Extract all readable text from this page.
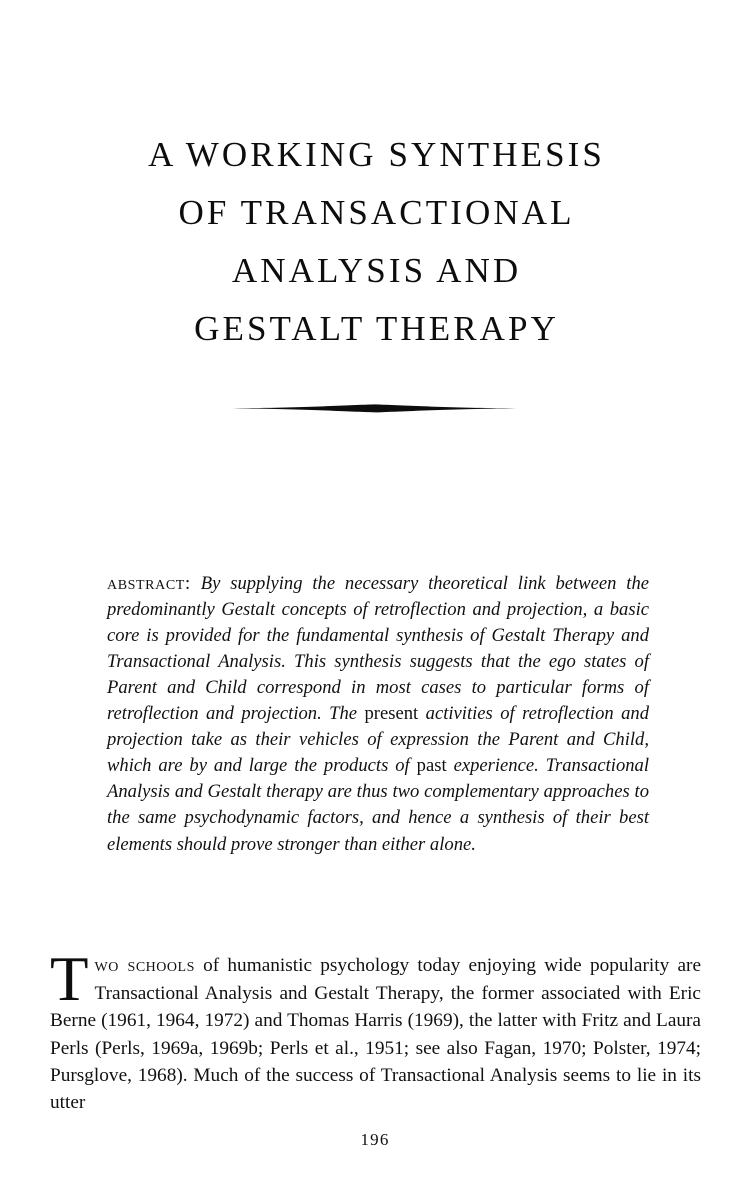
A WORKING SYNTHESIS
OF TRANSACTIONAL
ANALYSIS AND
GESTALT THERAPY

abstract: By supplying the necessary theoretical link between the predominantly Gestalt concepts of retroflection and projection, a basic core is provided for the fundamental synthesis of Gestalt Therapy and Transactional Analysis. This synthesis suggests that the ego states of Parent and Child correspond in most cases to particular forms of retroflection and projection. The present activities of retroflection and projection take as their vehicles of expression the Parent and Child, which are by and large the products of past experience. Transactional Analysis and Gestalt therapy are thus two complementary approaches to the same psychodynamic factors, and hence a synthesis of their best elements should prove stronger than either alone.

Two schools of humanistic psychology today enjoying wide popularity are Transactional Analysis and Gestalt Therapy, the former associated with Eric Berne (1961, 1964, 1972) and Thomas Harris (1969), the latter with Fritz and Laura Perls (Perls, 1969a, 1969b; Perls et al., 1951; see also Fagan, 1970; Polster, 1974; Pursglove, 1968). Much of the success of Transactional Analysis seems to lie in its utter

196
